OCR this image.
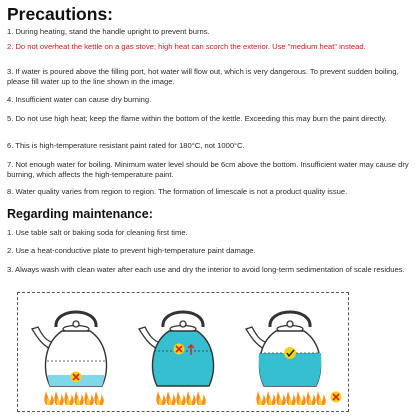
Precautions:
1. During heating, stand the handle upright to prevent burns.
2. Do not overheat the kettle on a gas stove; high heat can scorch the exterior. Use "medium heat" instead.
3. If water is poured above the filling port, hot water will flow out, which is very dangerous. To prevent sudden boiling, please fill water up to the line shown in the image.
4. Insufficient water can cause dry burning.
5. Do not use high heat; keep the flame within the bottom of the kettle. Exceeding this may burn the paint directly.
6. This is high-temperature resistant paint rated for 180°C, not 1000°C.
7. Not enough water for boiling. Minimum water level should be 6cm above the bottom. Insufficient water may cause dry burning, which affects the high-temperature paint.
8. Water quality varies from region to region. The formation of limescale is not a product quality issue.
Regarding maintenance:
1. Use table salt or baking soda for cleaning first time.
2. Use a heat-conductive plate to prevent high-temperature paint damage.
3. Always wash with clean water after each use and dry the interior to avoid long-term sedimentation of scale residues.
